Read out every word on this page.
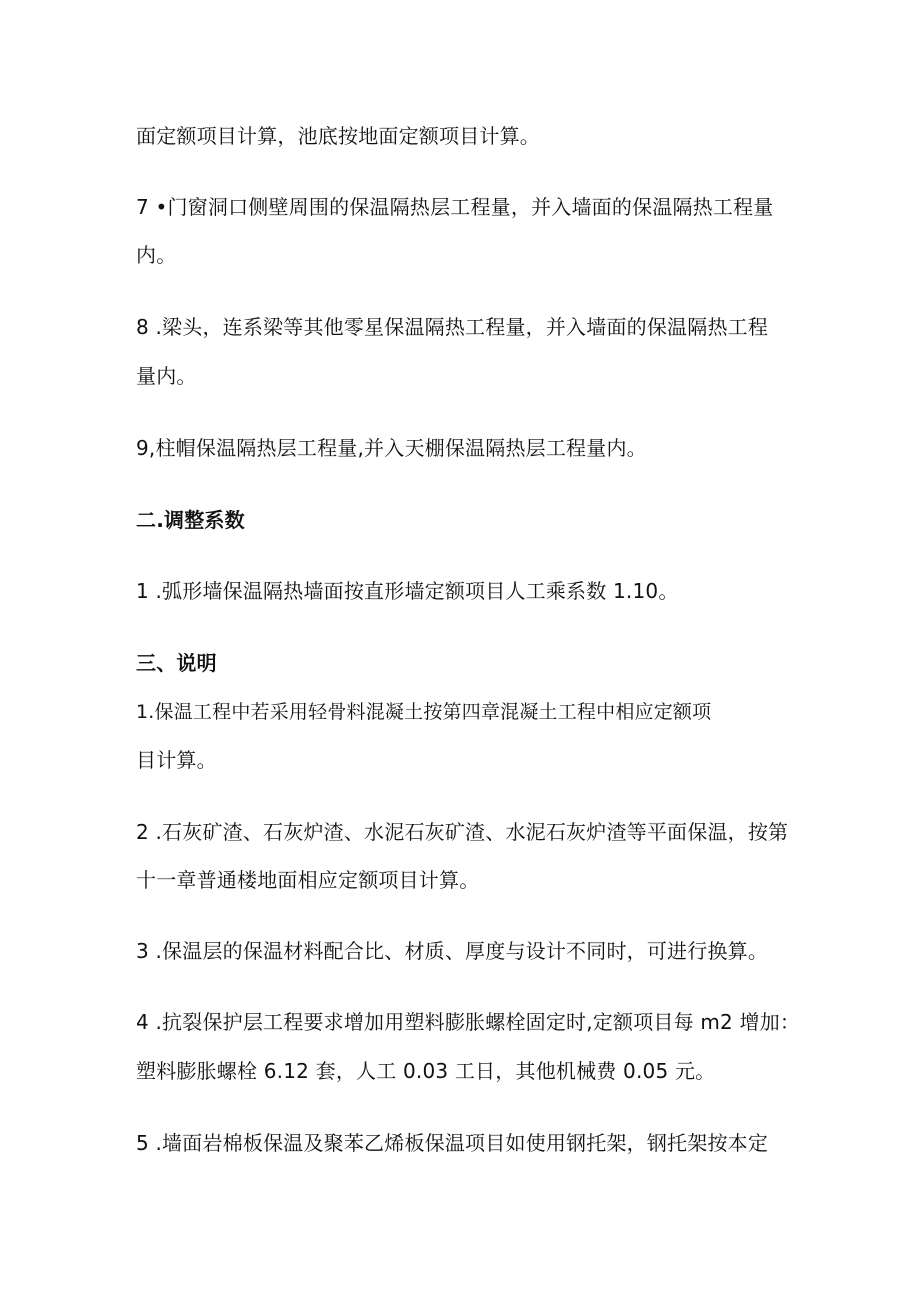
面定额项目计算，池底按地面定额项目计算。
7 •门窗洞口侧壁周围的保温隔热层工程量，并入墙面的保温隔热工程量
内。
8 .梁头，连系梁等其他零星保温隔热工程量，并入墙面的保温隔热工程
量内。
9,柱帽保温隔热层工程量,并入天棚保温隔热层工程量内。
二.调整系数
1 .弧形墙保温隔热墙面按直形墙定额项目人工乘系数 1.10。
三、说明
1.保温工程中若采用轻骨料混凝土按第四章混凝土工程中相应定额项
目计算。
2 .石灰矿渣、石灰炉渣、水泥石灰矿渣、水泥石灰炉渣等平面保温，按第
十一章普通楼地面相应定额项目计算。
3 .保温层的保温材料配合比、材质、厚度与设计不同时，可进行换算。
4 .抗裂保护层工程要求增加用塑料膨胀螺栓固定时,定额项目每 m2 增加：
塑料膨胀螺栓 6.12 套，人工 0.03 工日，其他机械费 0.05 元。
5 .墙面岩棉板保温及聚苯乙烯板保温项目如使用钢托架，钢托架按本定
